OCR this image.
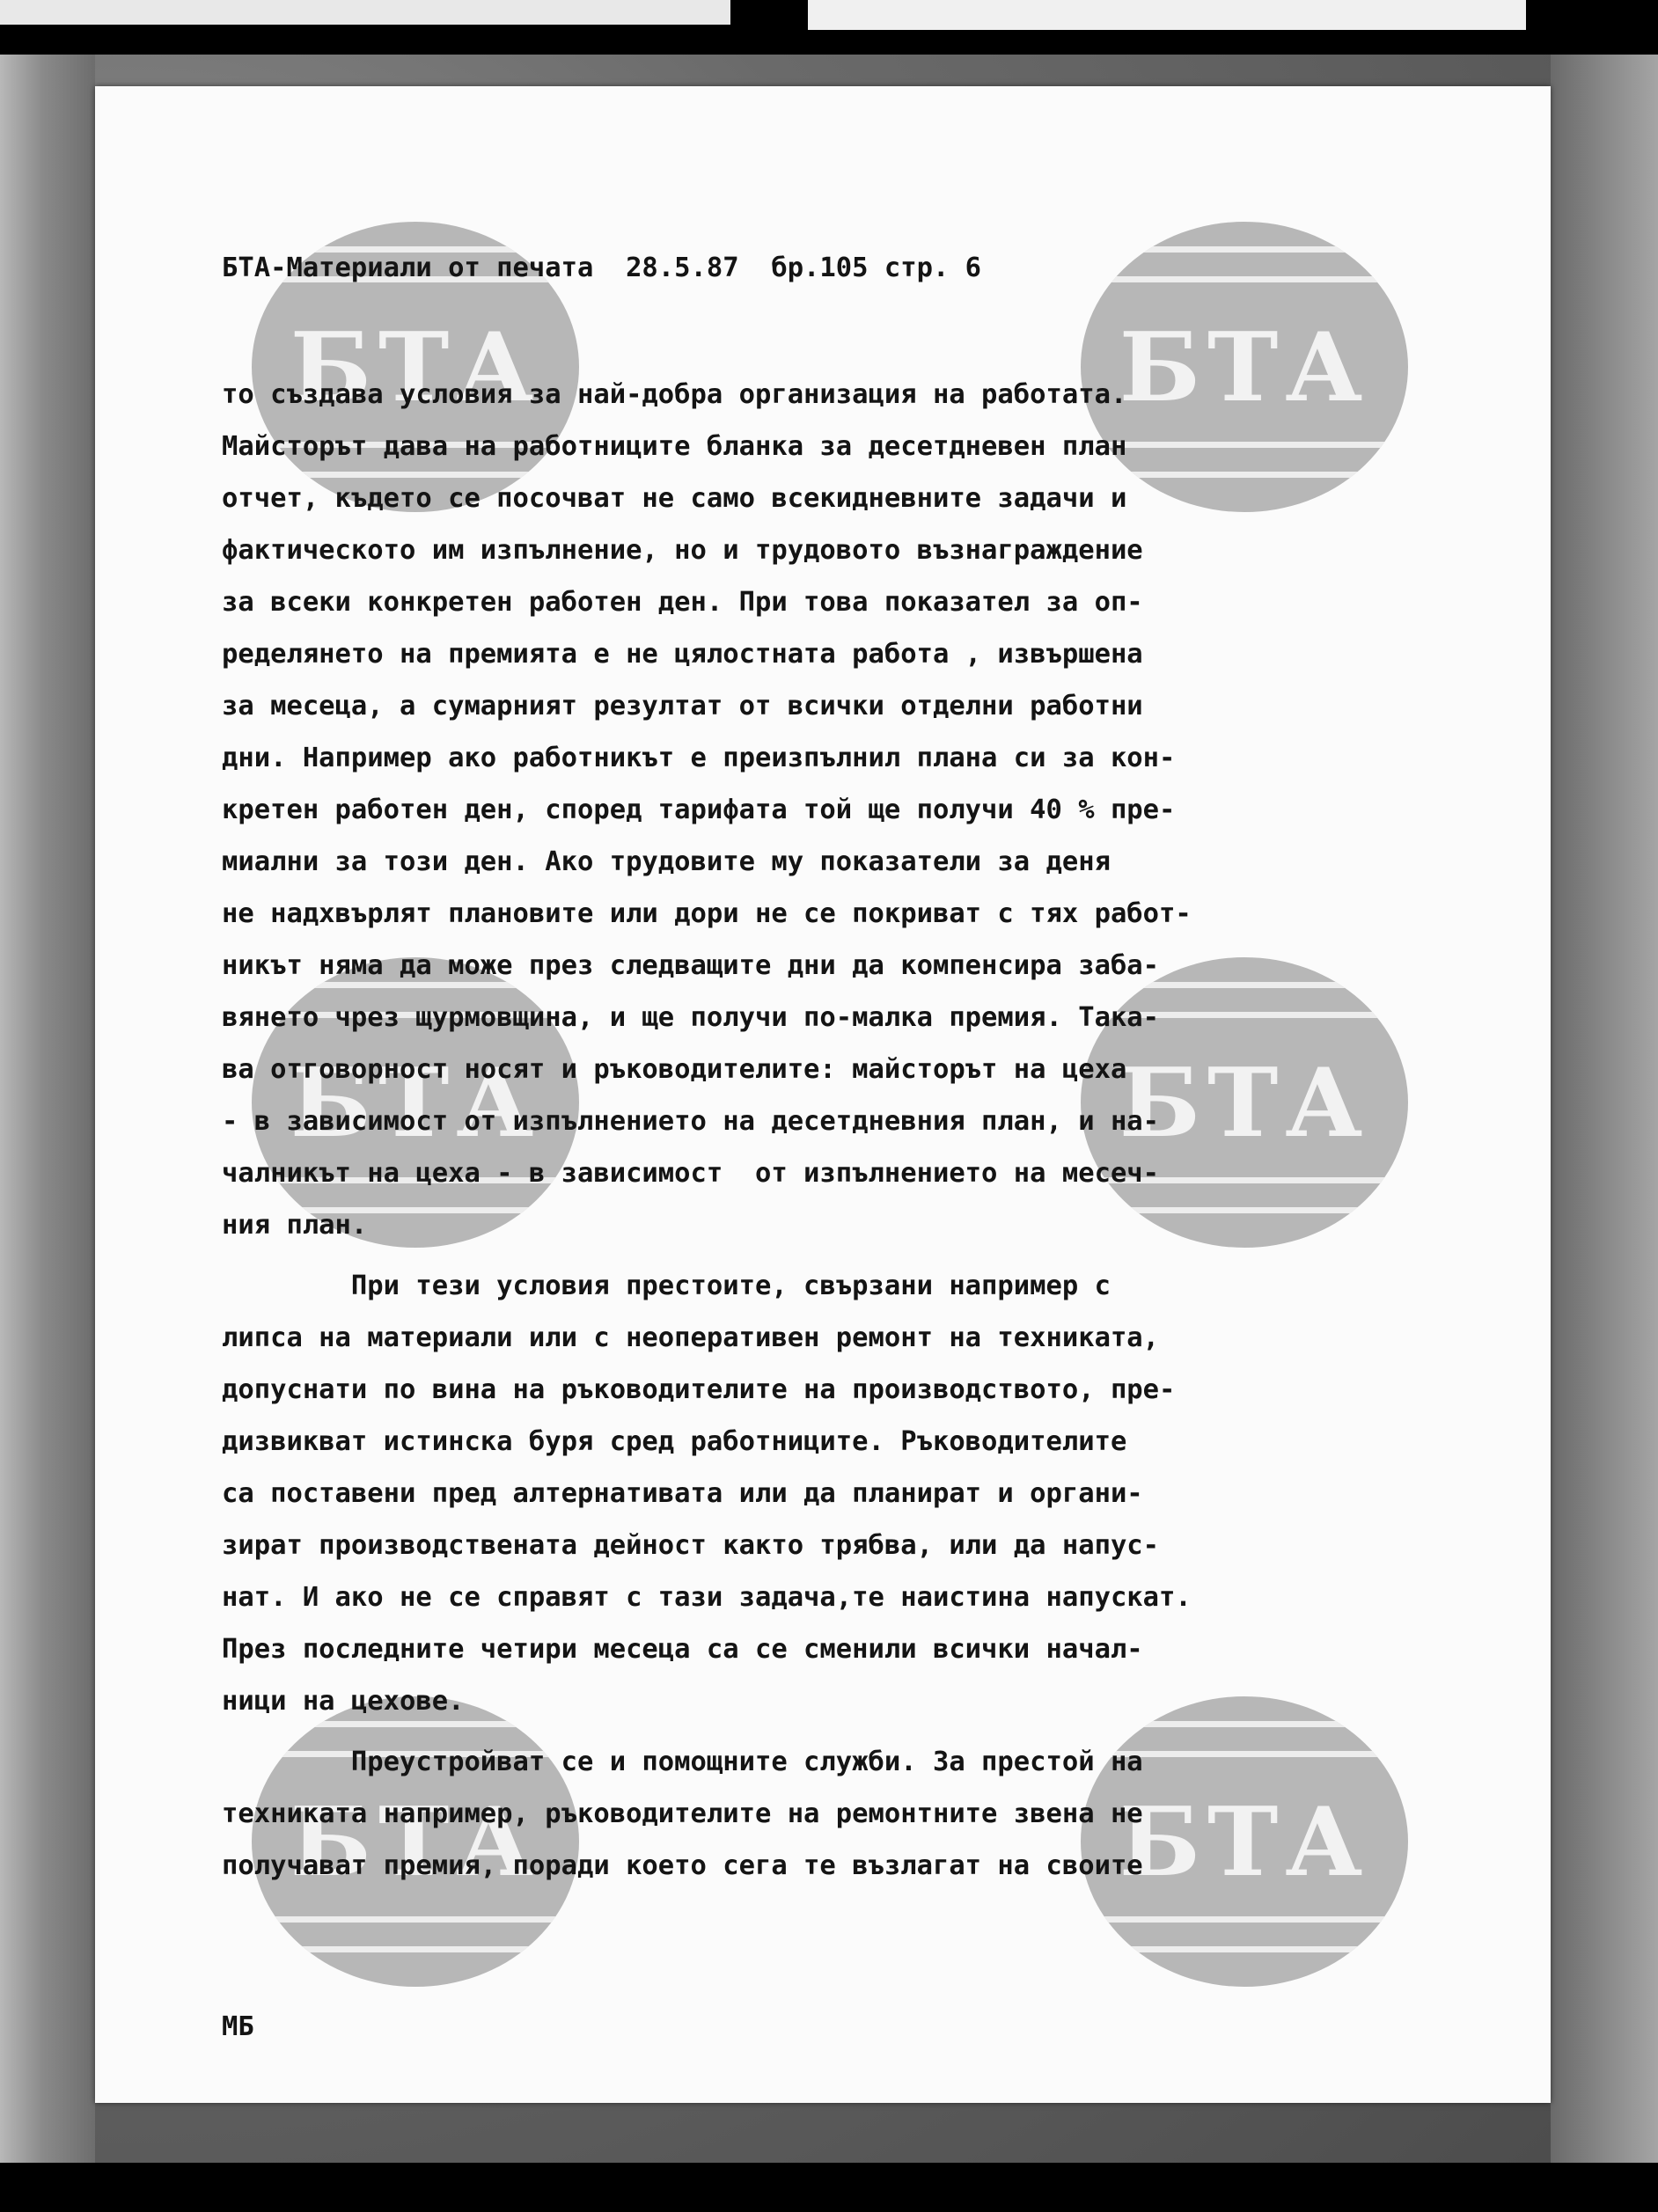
БТА	БТА
БТА	БТА
БТА	БТА
БТА-Материали от печата  28.5.87  бр.105 стр. 6
то създава условия за най-добра организация на работата.
Майсторът дава на работниците бланка за десетдневен план
отчет, където се посочват не само всекидневните задачи и
фактическото им изпълнение, но и трудовото възнаграждение
за всеки конкретен работен ден. При това показател за оп-
ределянето на премията е не цялостната работа , извършена
за месеца, а сумарният резултат от всички отделни работни
дни. Например ако работникът е преизпълнил плана си за кон-
кретен работен ден, според тарифата той ще получи 40 % пре-
миални за този ден. Ако трудовите му показатели за деня
не надхвърлят плановите или дори не се покриват с тях работ-
никът няма да може през следващите дни да компенсира заба-
вянето чрез щурмовщина, и ще получи по-малка премия. Така-
ва отговорност носят и ръководителите: майсторът на цеха
- в зависимост от изпълнението на десетдневния план, и на-
чалникът на цеха - в зависимост  от изпълнението на месеч-
ния план.
При тези условия престоите, свързани например с
липса на материали или с неоперативен ремонт на техниката,
допуснати по вина на ръководителите на производството, пре-
дизвикват истинска буря сред работниците. Ръководителите
са поставени пред алтернативата или да планират и органи-
зират производствената дейност както трябва, или да напус-
нат. И ако не се справят с тази задача,те наистина напускат.
През последните четири месеца са се сменили всички начал-
ници на цехове.
Преустройват се и помощните служби. За престой на
техниката например, ръководителите на ремонтните звена не
получават премия, поради което сега те възлагат на своите
МБ
